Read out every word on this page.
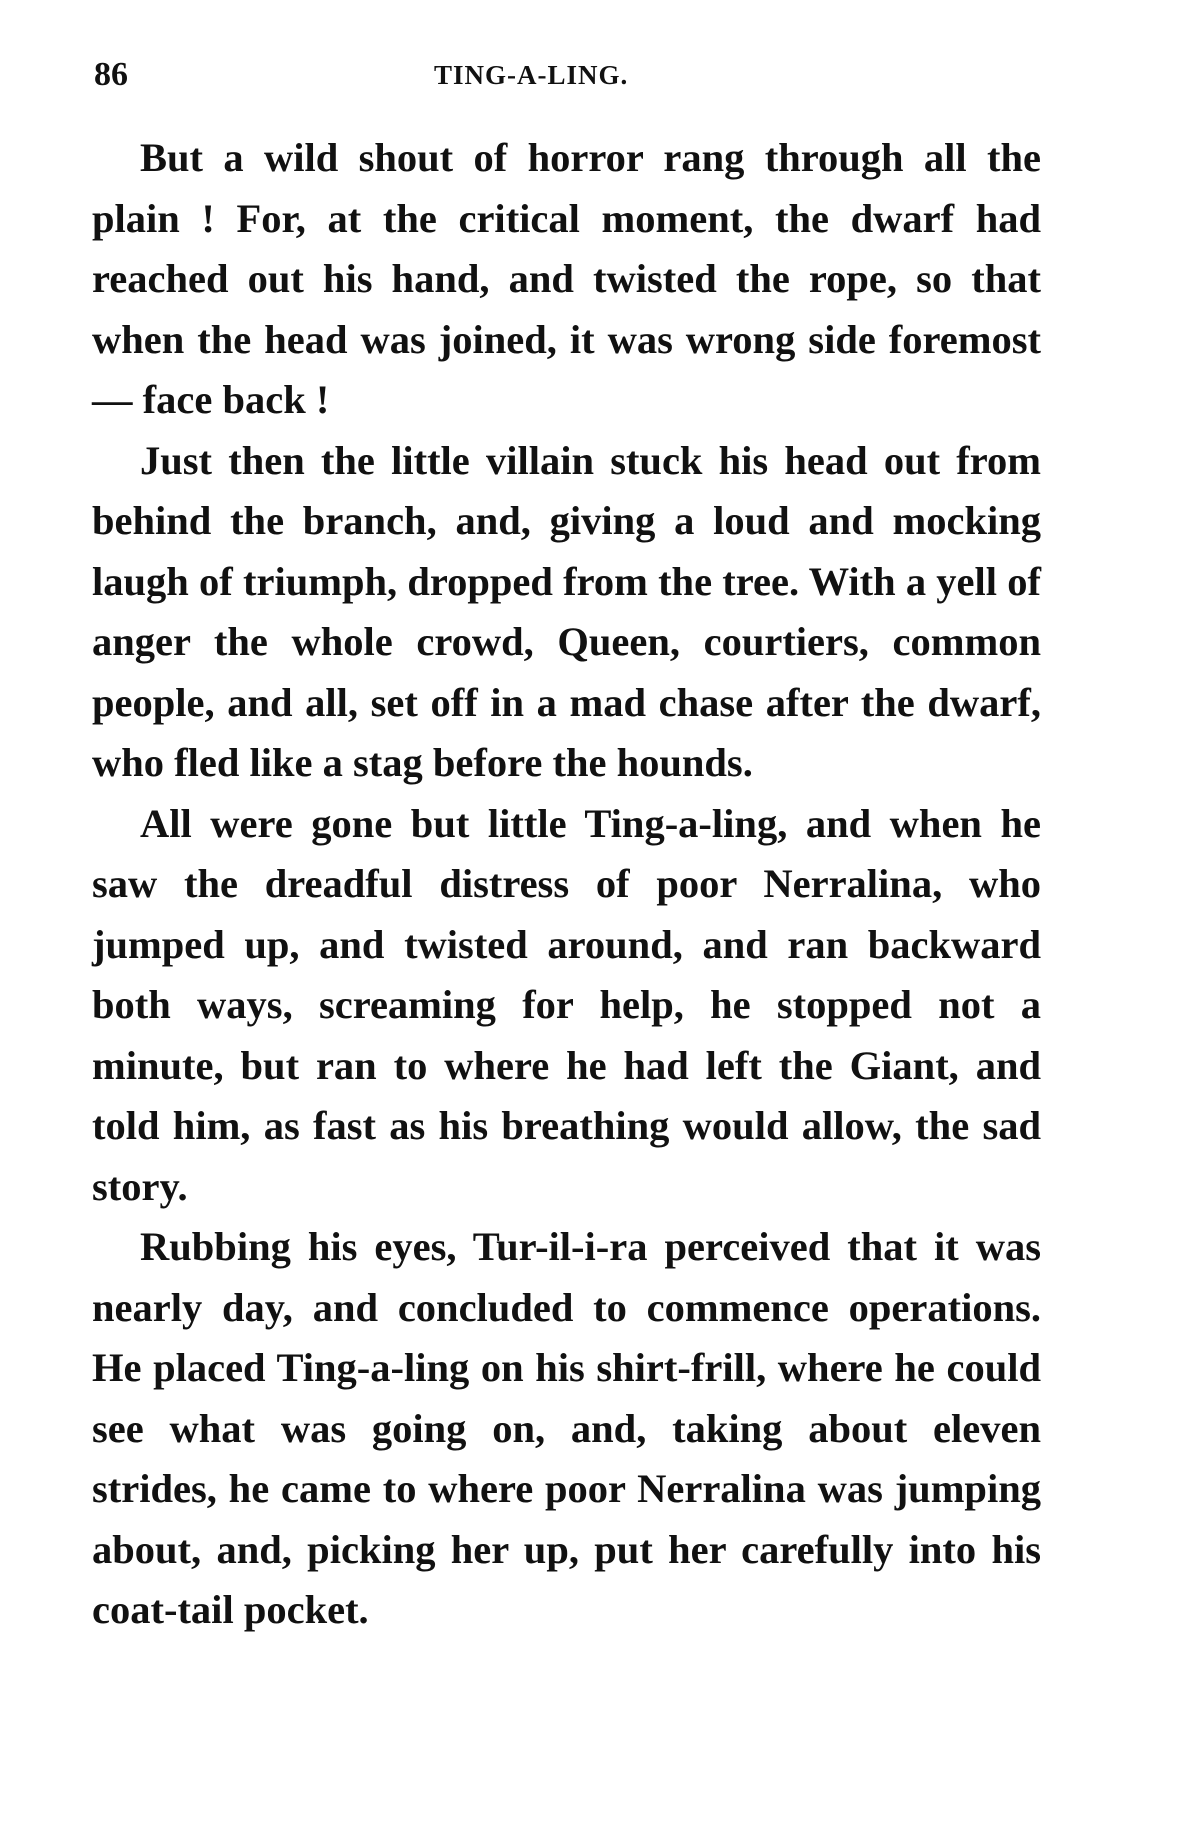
86	TING-A-LING.

But a wild shout of horror rang through all the plain ! For, at the critical moment, the dwarf had reached out his hand, and twisted the rope, so that when the head was joined, it was wrong side foremost — face back !

Just then the little villain stuck his head out from behind the branch, and, giving a loud and mocking laugh of triumph, dropped from the tree. With a yell of anger the whole crowd, Queen, courtiers, common people, and all, set off in a mad chase after the dwarf, who fled like a stag before the hounds.

All were gone but little Ting-a-ling, and when he saw the dreadful distress of poor Nerralina, who jumped up, and twisted around, and ran backward both ways, screaming for help, he stopped not a minute, but ran to where he had left the Giant, and told him, as fast as his breathing would allow, the sad story.

Rubbing his eyes, Tur-il-i-ra perceived that it was nearly day, and concluded to commence operations. He placed Ting-a-ling on his shirt-frill, where he could see what was going on, and, taking about eleven strides, he came to where poor Nerralina was jumping about, and, picking her up, put her carefully into his coat-tail pocket.
